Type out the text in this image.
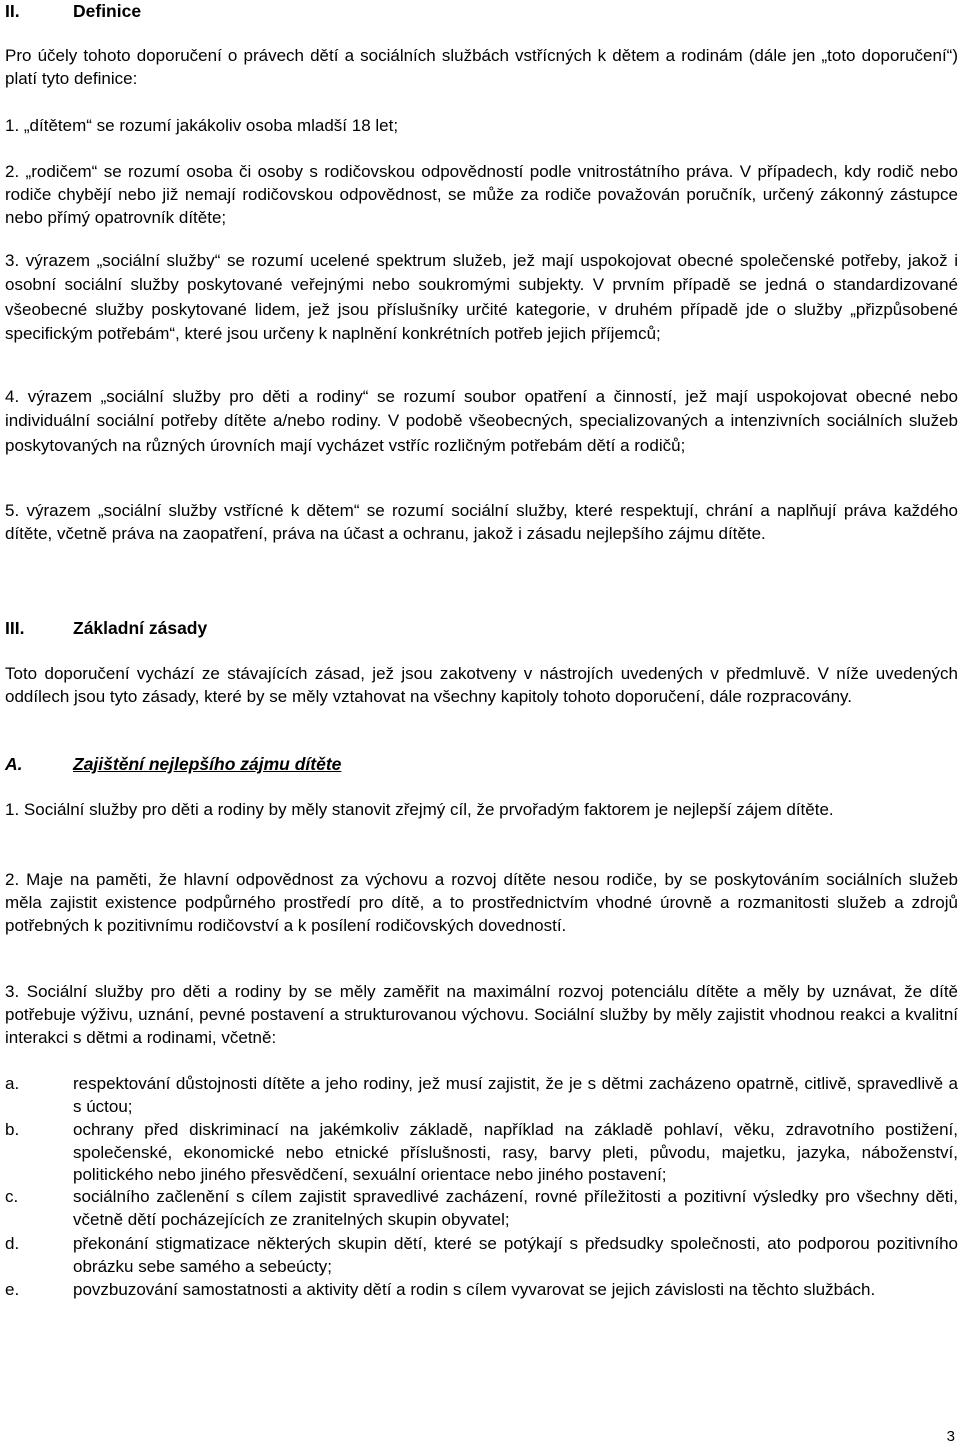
II.	Definice
Pro účely tohoto doporučení o právech dětí a sociálních službách vstřícných k dětem a rodinám (dále jen „toto doporučení“) platí tyto definice:
1. „dítětem“ se rozumí jakákoliv osoba mladší 18 let;
2. „rodičem“ se rozumí osoba či osoby s rodičovskou odpovědností podle vnitrostátního práva. V případech, kdy rodič nebo rodiče chybějí nebo již nemají rodičovskou odpovědnost, se může za rodiče považován poručník, určený zákonný zástupce nebo přímý opatrovník dítěte;
3. výrazem „sociální služby“ se rozumí ucelené spektrum služeb, jež mají uspokojovat obecné společenské potřeby, jakož i osobní sociální služby poskytované veřejnými nebo soukromými subjekty. V prvním případě se jedná o standardizované všeobecné služby poskytované lidem, jež jsou příslušníky určité kategorie, v druhém případě jde o služby „přizpůsobené specifickým potřebám“, které jsou určeny k naplnění konkrétních potřeb jejich příjemců;
4. výrazem „sociální služby pro děti a rodiny“ se rozumí soubor opatření a činností, jež mají uspokojovat obecné nebo individuální sociální potřeby dítěte a/nebo rodiny. V podobě všeobecných, specializovaných a intenzivních sociálních služeb poskytovaných na různých úrovních mají vycházet vstříc rozličným potřebám dětí a rodičů;
5. výrazem „sociální služby vstřícné k dětem“ se rozumí sociální služby, které respektují, chrání a naplňují práva každého dítěte, včetně práva na zaopatření, práva na účast a ochranu, jakož i zásadu nejlepšího zájmu dítěte.
III.	Základní zásady
Toto doporučení vychází ze stávajících zásad, jež jsou zakotveny v nástrojích uvedených v předmluvě. V níže uvedených oddílech jsou tyto zásady, které by se měly vztahovat na všechny kapitoly tohoto doporučení, dále rozpracovány.
A.	Zajištění nejlepšího zájmu dítěte
1. Sociální služby pro děti a rodiny by měly stanovit zřejmý cíl, že prvořadým faktorem je nejlepší zájem dítěte.
2. Maje na paměti, že hlavní odpovědnost za výchovu a rozvoj dítěte nesou rodiče, by se poskytováním sociálních služeb měla zajistit existence podpůrného prostředí pro dítě, a to prostřednictvím vhodné úrovně a rozmanitosti služeb a zdrojů potřebných k pozitivnímu rodičovství a k posílení rodičovských dovedností.
3. Sociální služby pro děti a rodiny by se měly zaměřit na maximální rozvoj potenciálu dítěte a měly by uznávat, že dítě potřebuje výživu, uznání, pevné postavení a strukturovanou výchovu. Sociální služby by měly zajistit vhodnou reakci a kvalitní interakci s dětmi a rodinami, včetně:
a.	respektování důstojnosti dítěte a jeho rodiny, jež musí zajistit, že je s dětmi zacházeno opatrně, citlivě, spravedlivě a s úctou;
b.	ochrany před diskriminací na jakémkoliv základě, například na základě pohlaví, věku, zdravotního postižení, společenské, ekonomické nebo etnické příslušnosti, rasy, barvy pleti, původu, majetku, jazyka, náboženství, politického nebo jiného přesvědčení, sexuální orientace nebo jiného postavení;
c.	sociálního začlenění s cílem zajistit spravedlivé zacházení, rovné příležitosti a pozitivní výsledky pro všechny děti, včetně dětí pocházejících ze zranitelných skupin obyvatel;
d.	překonání stigmatizace některých skupin dětí, které se potýkají s předsudky společnosti, ato podporou pozitivního obrázku sebe samého a sebeúcty;
e.	povzbuzování samostatnosti a aktivity dětí a rodin s cílem vyvarovat se jejich závislosti na těchto službách.
3
